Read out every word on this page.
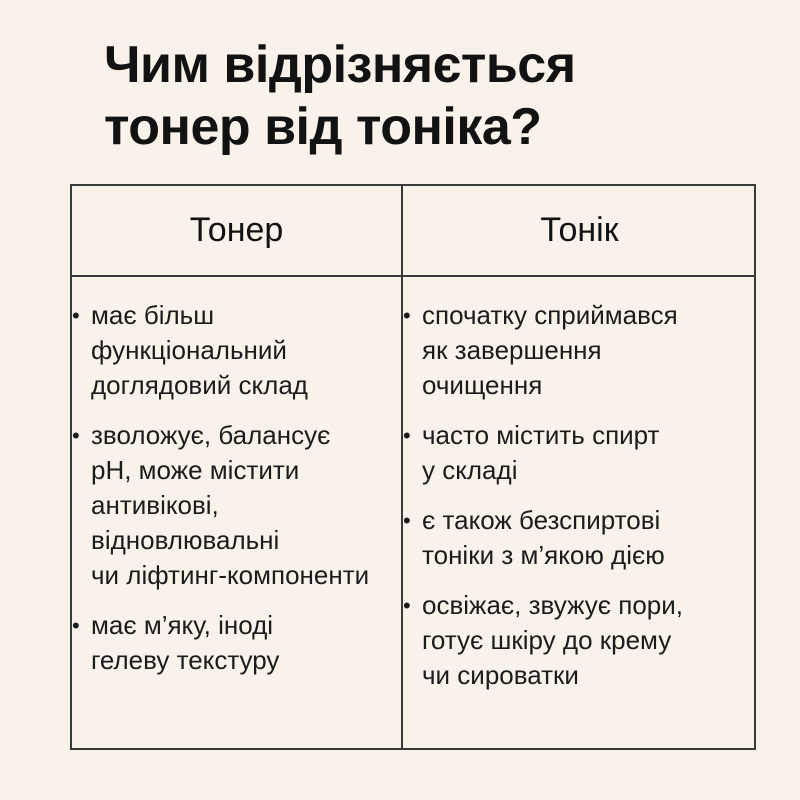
Чим відрізняється
тонер від тоніка?
Тонер	Тонік
• має більш
функціональний
доглядовий склад
• зволожує, балансує
pH, може містити
антивікові,
відновлювальні
чи ліфтинг-компоненти
• має м’яку, іноді
гелеву текстуру
• спочатку сприймався
як завершення
очищення
• часто містить спирт
у складі
• є також безспиртові
тоніки з м’якою дією
• освіжає, звужує пори,
готує шкіру до крему
чи сироватки
